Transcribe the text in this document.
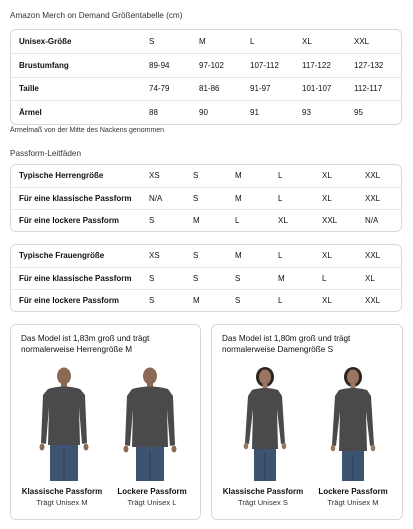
Amazon Merch on Demand Größentabelle (cm)
Unisex-Größe	S	M	L	XL	XXL
Brustumfang	89-94	97-102	107-112	117-122	127-132
Taille	74-79	81-86	91-97	101-107	112-117
Ärmel	88	90	91	93	95
Ärmelmaß von der Mitte des Nackens genommen
Passform-Leitfäden
Typische Herrengröße	XS	S	M	L	XL	XXL
Für eine klassische Passform	N/A	S	M	L	XL	XXL
Für eine lockere Passform	S	M	L	XL	XXL	N/A
Typische Frauengröße	XS	S	M	L	XL	XXL
Für eine klassische Passform	S	S	S	M	L	XL
Für eine lockere Passform	S	M	S	L	XL	XXL
Das Model ist 1,83m groß und trägt normalerweise Herrengröße M
Klassische Passform
Trägt Unisex M
Lockere Passform
Trägt Unisex L
Das Model ist 1,80m groß und trägt normalerweise Damengröße S
Klassische Passform
Trägt Unisex S
Lockere Passform
Trägt Unisex M
